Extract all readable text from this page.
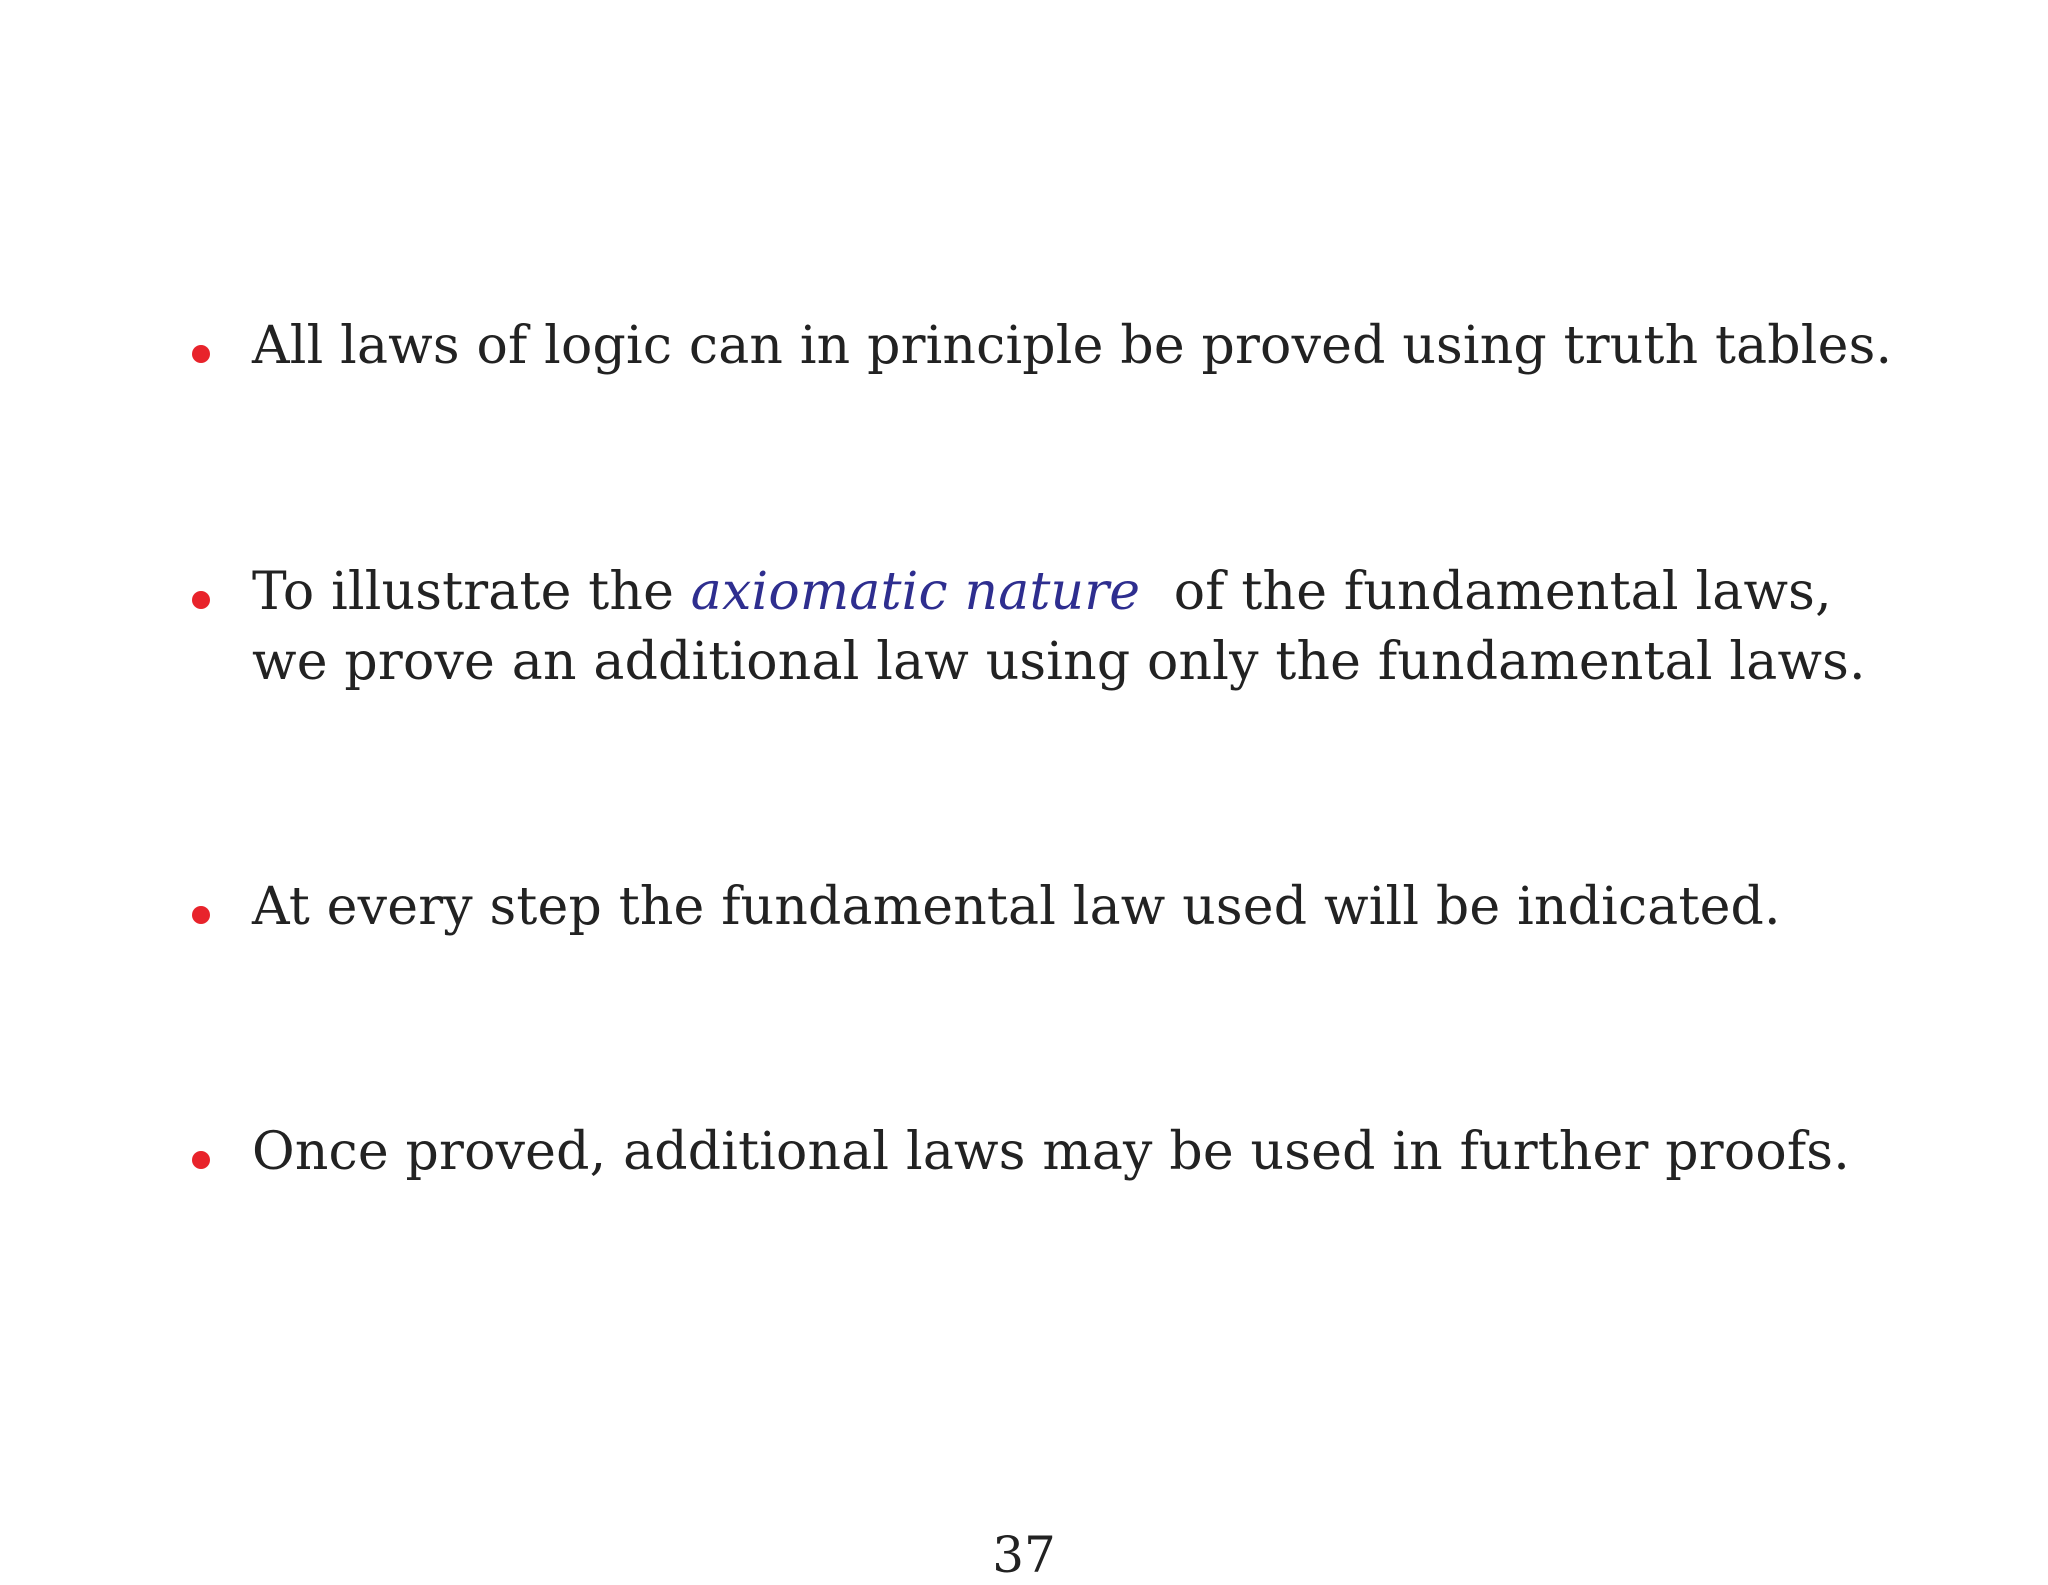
All laws of logic can in principle be proved using truth tables.
To illustrate the axiomatic nature  of the fundamental laws,
we prove an additional law using only the fundamental laws.
At every step the fundamental law used will be indicated.
Once proved, additional laws may be used in further proofs.
37
